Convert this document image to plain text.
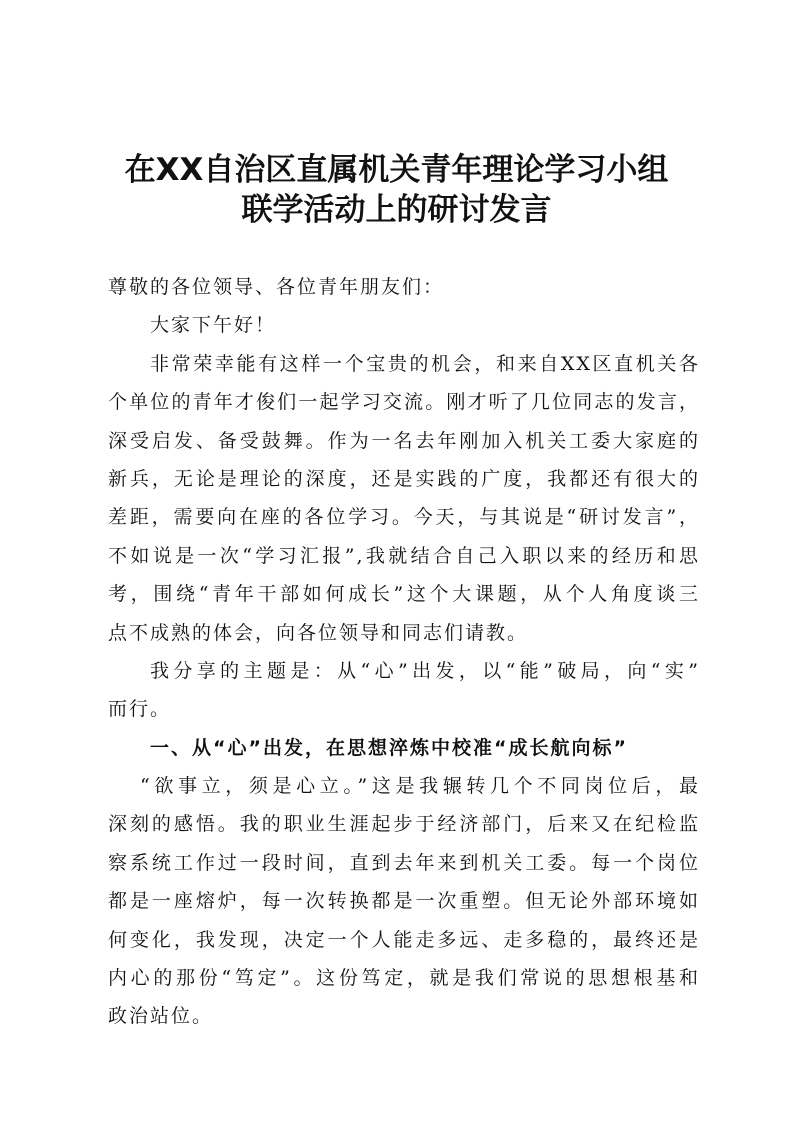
在XX自治区直属机关青年理论学习小组
联学活动上的研讨发言
尊敬的各位领导、各位青年朋友们：
大家下午好！
非常荣幸能有这样一个宝贵的机会，和来自XX区直机关各
个单位的青年才俊们一起学习交流。刚才听了几位同志的发言，
深受启发、备受鼓舞。作为一名去年刚加入机关工委大家庭的
新兵，无论是理论的深度，还是实践的广度，我都还有很大的
差距，需要向在座的各位学习。今天，与其说是“研讨发言”，
不如说是一次“学习汇报”,我就结合自己入职以来的经历和思
考，围绕“青年干部如何成长”这个大课题，从个人角度谈三
点不成熟的体会，向各位领导和同志们请教。
我分享的主题是：从“心”出发，以“能”破局，向“实”
而行。
一、从“心”出发，在思想淬炼中校准“成长航向标”
“欲事立，须是心立。”这是我辗转几个不同岗位后，最
深刻的感悟。我的职业生涯起步于经济部门，后来又在纪检监
察系统工作过一段时间，直到去年来到机关工委。每一个岗位
都是一座熔炉，每一次转换都是一次重塑。但无论外部环境如
何变化，我发现，决定一个人能走多远、走多稳的，最终还是
内心的那份“笃定”。这份笃定，就是我们常说的思想根基和
政治站位。
